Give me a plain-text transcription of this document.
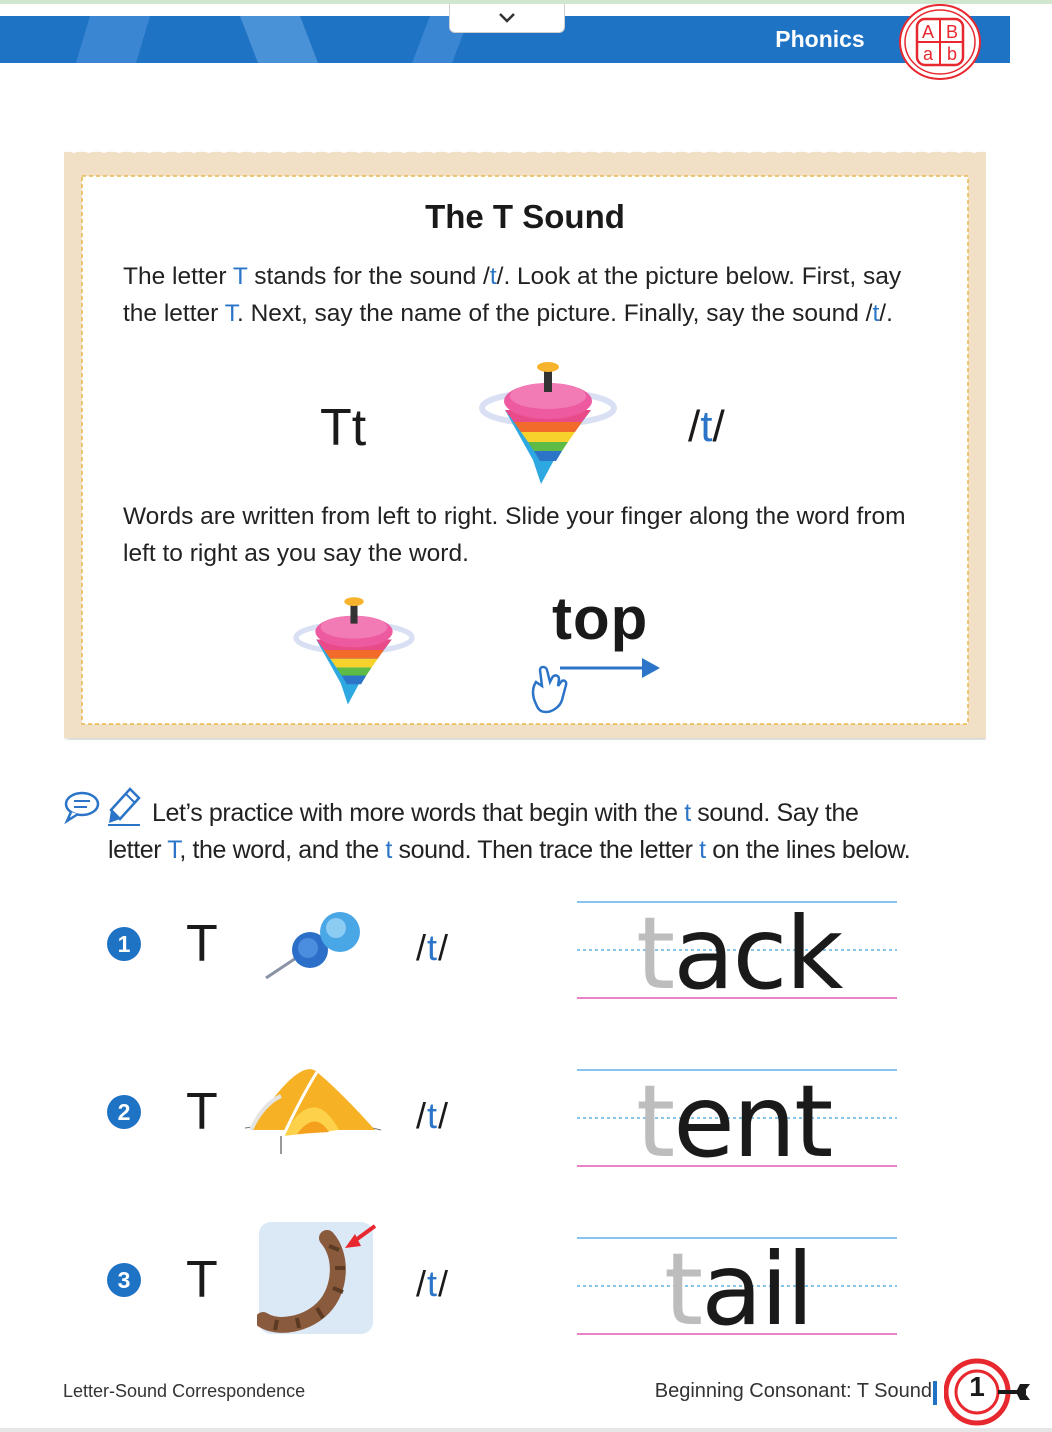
Phonics	A B
a b
The T Sound
The letter T stands for the sound /t/. Look at the picture below. First, say the letter T. Next, say the name of the picture. Finally, say the sound /t/.
Tt	/t/
Words are written from left to right. Slide your finger along the word from left to right as you say the word.
top
Let’s practice with more words that begin with the t sound. Say the
letter T, the word, and the t sound. Then trace the letter t on the lines below.
1 T	/t/ tack
2 T	/t/ tent
3 T	/t/ tail
Letter-Sound Correspondence	Beginning Consonant: T Sound	1
